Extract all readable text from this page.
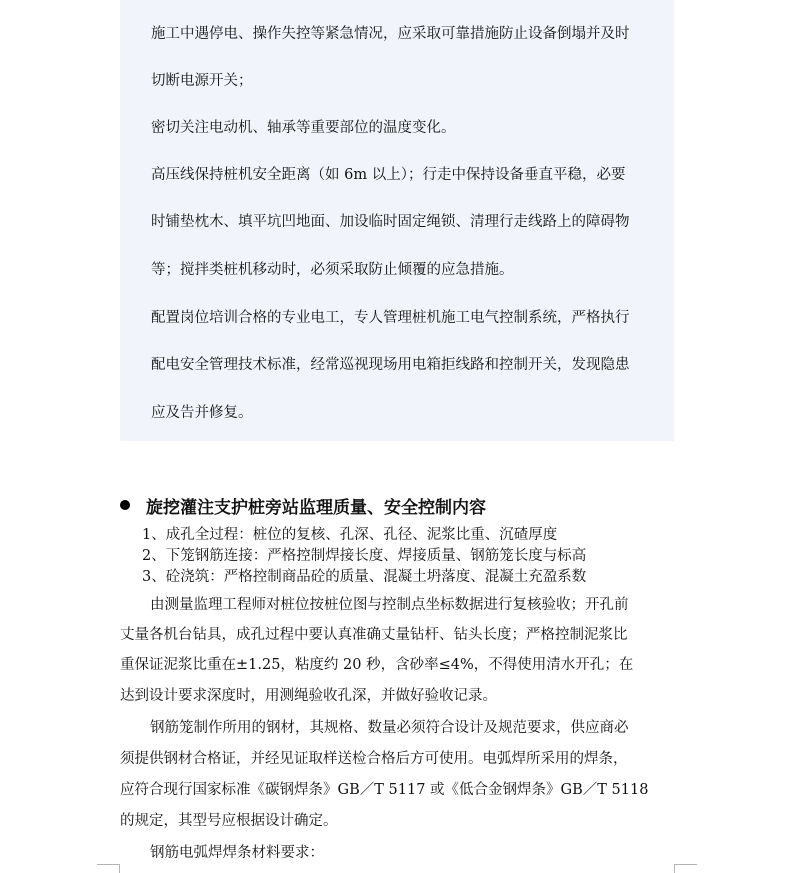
施工中遇停电、操作失控等紧急情况，应采取可靠措施防止设备倒塌并及时
切断电源开关；
密切关注电动机、轴承等重要部位的温度变化。
高压线保持桩机安全距离（如 6m 以上）；行走中保持设备垂直平稳，必要
时铺垫枕木、填平坑凹地面、加设临时固定绳锁、清理行走线路上的障碍物
等；搅拌类桩机移动时，必须采取防止倾覆的应急措施。
配置岗位培训合格的专业电工，专人管理桩机施工电气控制系统，严格执行
配电安全管理技术标准，经常巡视现场用电箱拒线路和控制开关，发现隐患
应及告并修复。
旋挖灌注支护桩旁站监理质量、安全控制内容
1、成孔全过程：桩位的复核、孔深、孔径、泥浆比重、沉碴厚度
2、下笼钢筋连接：严格控制焊接长度、焊接质量、钢筋笼长度与标高
3、砼浇筑：严格控制商品砼的质量、混凝土坍落度、混凝土充盈系数
由测量监理工程师对桩位按桩位图与控制点坐标数据进行复核验收；开孔前
丈量各机台钻具，成孔过程中要认真准确丈量钻杆、钻头长度；严格控制泥浆比
重保证泥浆比重在±1.25，粘度约 20 秒，含砂率≤4%，不得使用清水开孔；在
达到设计要求深度时，用测绳验收孔深，并做好验收记录。
钢筋笼制作所用的钢材，其规格、数量必须符合设计及规范要求，供应商必
须提供钢材合格证，并经见证取样送检合格后方可使用。电弧焊所采用的焊条，
应符合现行国家标准《碳钢焊条》GB／T 5117 或《低合金钢焊条》GB／T 5118
的规定，其型号应根据设计确定。
钢筋电弧焊焊条材料要求：
